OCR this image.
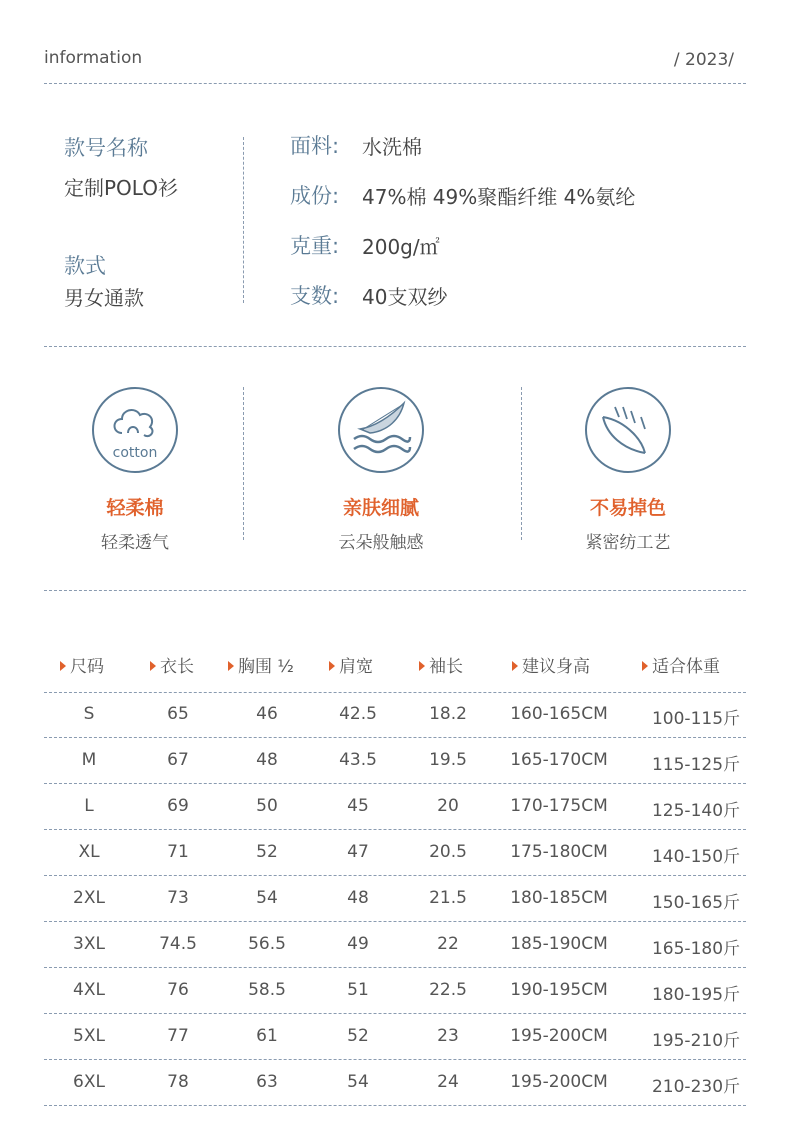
information	/ 2023/
款号名称
定制POLO衫
款式
男女通款
面料: 水洗棉
成份: 47%棉 49%聚酯纤维 4%氨纶
克重: 200g/㎡
支数: 40支双纱
cotton
轻柔棉
轻柔透气
亲肤细腻
云朵般触感
不易掉色
紧密纺工艺
尺码	衣长	胸围 ½	肩宽	袖长	建议身高	适合体重
S	65	46	42.5	18.2	160-165CM	100-115斤
M	67	48	43.5	19.5	165-170CM	115-125斤
L	69	50	45	20	170-175CM	125-140斤
XL	71	52	47	20.5	175-180CM	140-150斤
2XL	73	54	48	21.5	180-185CM	150-165斤
3XL	74.5	56.5	49	22	185-190CM	165-180斤
4XL	76	58.5	51	22.5	190-195CM	180-195斤
5XL	77	61	52	23	195-200CM	195-210斤
6XL	78	63	54	24	195-200CM	210-230斤
